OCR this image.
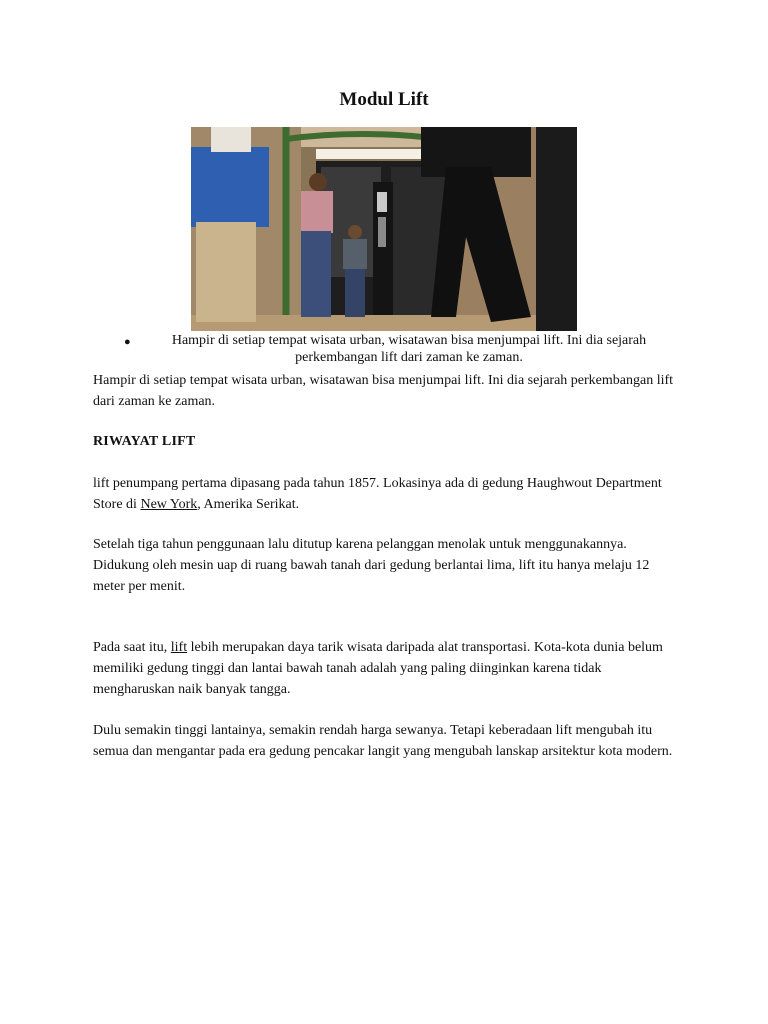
Modul Lift
●	Hampir di setiap tempat wisata urban, wisatawan bisa menjumpai lift. Ini dia sejarah perkembangan lift dari zaman ke zaman.
Hampir di setiap tempat wisata urban, wisatawan bisa menjumpai lift. Ini dia sejarah perkembangan lift dari zaman ke zaman.
RIWAYAT LIFT
lift penumpang pertama dipasang pada tahun 1857. Lokasinya ada di gedung Haughwout Department Store di New York, Amerika Serikat.
Setelah tiga tahun penggunaan lalu ditutup karena pelanggan menolak untuk menggunakannya. Didukung oleh mesin uap di ruang bawah tanah dari gedung berlantai lima, lift itu hanya melaju 12 meter per menit.
Pada saat itu, lift lebih merupakan daya tarik wisata daripada alat transportasi. Kota-kota dunia belum memiliki gedung tinggi dan lantai bawah tanah adalah yang paling diinginkan karena tidak mengharuskan naik banyak tangga.
Dulu semakin tinggi lantainya, semakin rendah harga sewanya. Tetapi keberadaan lift mengubah itu semua dan mengantar pada era gedung pencakar langit yang mengubah lanskap arsitektur kota modern.
